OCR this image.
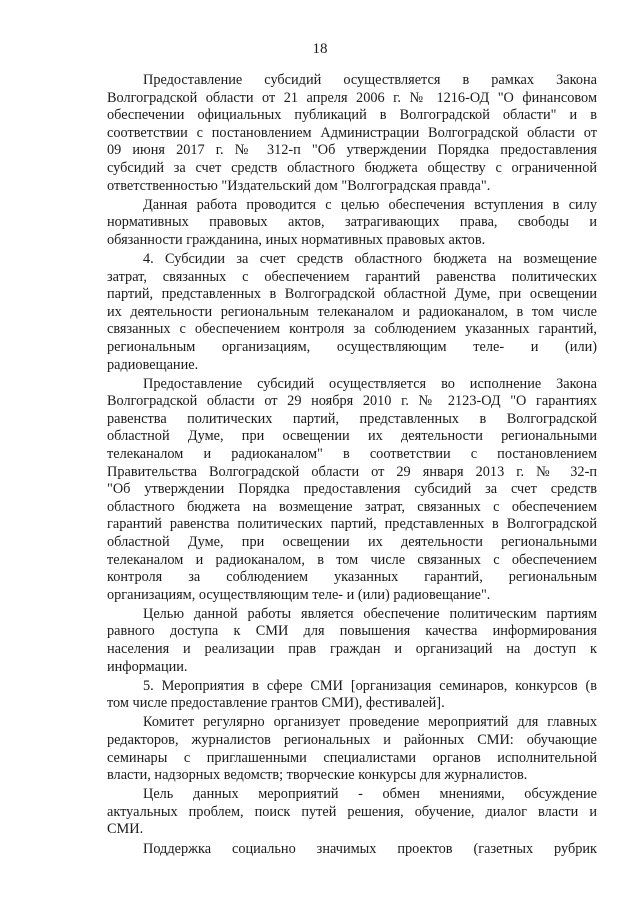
18
Предоставление субсидий осуществляется в рамках Закона
Волгоградской области от 21 апреля 2006 г. № 1216-ОД "О финансовом
обеспечении официальных публикаций в Волгоградской области" и в
соответствии с постановлением Администрации Волгоградской области от
09 июня 2017 г. № 312-п "Об утверждении Порядка предоставления
субсидий за счет средств областного бюджета обществу с ограниченной
ответственностью "Издательский дом "Волгоградская правда".
Данная работа проводится с целью обеспечения вступления в силу
нормативных правовых актов, затрагивающих права, свободы и
обязанности гражданина, иных нормативных правовых актов.
4. Субсидии за счет средств областного бюджета на возмещение
затрат, связанных с обеспечением гарантий равенства политических
партий, представленных в Волгоградской областной Думе, при освещении
их деятельности региональным телеканалом и радиоканалом, в том числе
связанных с обеспечением контроля за соблюдением указанных гарантий,
региональным организациям, осуществляющим теле- и (или)
радиовещание.
Предоставление субсидий осуществляется во исполнение Закона
Волгоградской области от 29 ноября 2010 г. № 2123-ОД "О гарантиях
равенства политических партий, представленных в Волгоградской
областной Думе, при освещении их деятельности региональными
телеканалом и радиоканалом" в соответствии с постановлением
Правительства Волгоградской области от 29 января 2013 г. № 32-п
"Об утверждении Порядка предоставления субсидий за счет средств
областного бюджета на возмещение затрат, связанных с обеспечением
гарантий равенства политических партий, представленных в Волгоградской
областной Думе, при освещении их деятельности региональными
телеканалом и радиоканалом, в том числе связанных с обеспечением
контроля за соблюдением указанных гарантий, региональным
организациям, осуществляющим теле- и (или) радиовещание".
Целью данной работы является обеспечение политическим партиям
равного доступа к СМИ для повышения качества информирования
населения и реализации прав граждан и организаций на доступ к
информации.
5. Мероприятия в сфере СМИ [организация семинаров, конкурсов (в
том числе предоставление грантов СМИ), фестивалей].
Комитет регулярно организует проведение мероприятий для главных
редакторов, журналистов региональных и районных СМИ: обучающие
семинары с приглашенными специалистами органов исполнительной
власти, надзорных ведомств; творческие конкурсы для журналистов.
Цель данных мероприятий - обмен мнениями, обсуждение
актуальных проблем, поиск путей решения, обучение, диалог власти и
СМИ.
Поддержка социально значимых проектов (газетных рубрик
